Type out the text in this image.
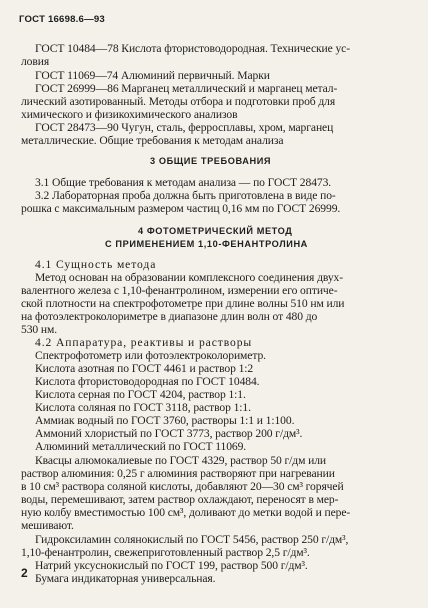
ГОСТ 16698.6—93
ГОСТ 10484—78 Кислота фтористоводородная. Технические ус-
ловия
ГОСТ 11069—74 Алюминий первичный. Марки
ГОСТ 26999—86 Марганец металлический и марганец метал-
лический азотированный. Методы отбора и подготовки проб для
химического и физикохимического анализов
ГОСТ 28473—90 Чугун, сталь, ферросплавы, хром, марганец
металлические. Общие требования к методам анализа
3 ОБЩИЕ ТРЕБОВАНИЯ
3.1 Общие требования к методам анализа — по ГОСТ 28473.
3.2 Лабораторная проба должна быть приготовлена в виде по-
рошка с максимальным размером частиц 0,16 мм по ГОСТ 26999.
4 ФОТОМЕТРИЧЕСКИЙ МЕТОД
С ПРИМЕНЕНИЕМ 1,10-ФЕНАНТРОЛИНА
4.1 Сущность метода
Метод основан на образовании комплексного соединения двух-
валентного железа с 1,10-фенантролином, измерении его оптиче-
ской плотности на спектрофотометре при длине волны 510 нм или
на фотоэлектроколориметре в диапазоне длин волн от 480 до
530 нм.
4.2 Аппаратура, реактивы и растворы
Спектрофотометр или фотоэлектроколориметр.
Кислота азотная по ГОСТ 4461 и раствор 1:2
Кислота фтористоводородная по ГОСТ 10484.
Кислота серная по ГОСТ 4204, раствор 1:1.
Кислота соляная по ГОСТ 3118, раствор 1:1.
Аммиак водный по ГОСТ 3760, растворы 1:1 и 1:100.
Аммоний хлористый по ГОСТ 3773, раствор 200 г/дм³.
Алюминий металлический по ГОСТ 11069.
Квасцы алюмокалиевые по ГОСТ 4329, раствор 50 г/дм или
раствор алюминия: 0,25 г алюминия растворяют при нагревании
в 10 см³ раствора соляной кислоты, добавляют 20—30 см³ горячей
воды, перемешивают, затем раствор охлаждают, переносят в мер-
ную колбу вместимостью 100 см³, доливают до метки водой и пере-
мешивают.
Гидроксиламин солянокислый по ГОСТ 5456, раствор 250 г/дм³,
1,10-фенантролин, свежеприготовленный раствор 2,5 г/дм³.
Натрий уксуснокислый по ГОСТ 199, раствор 500 г/дм³.
Бумага индикаторная универсальная.
2
